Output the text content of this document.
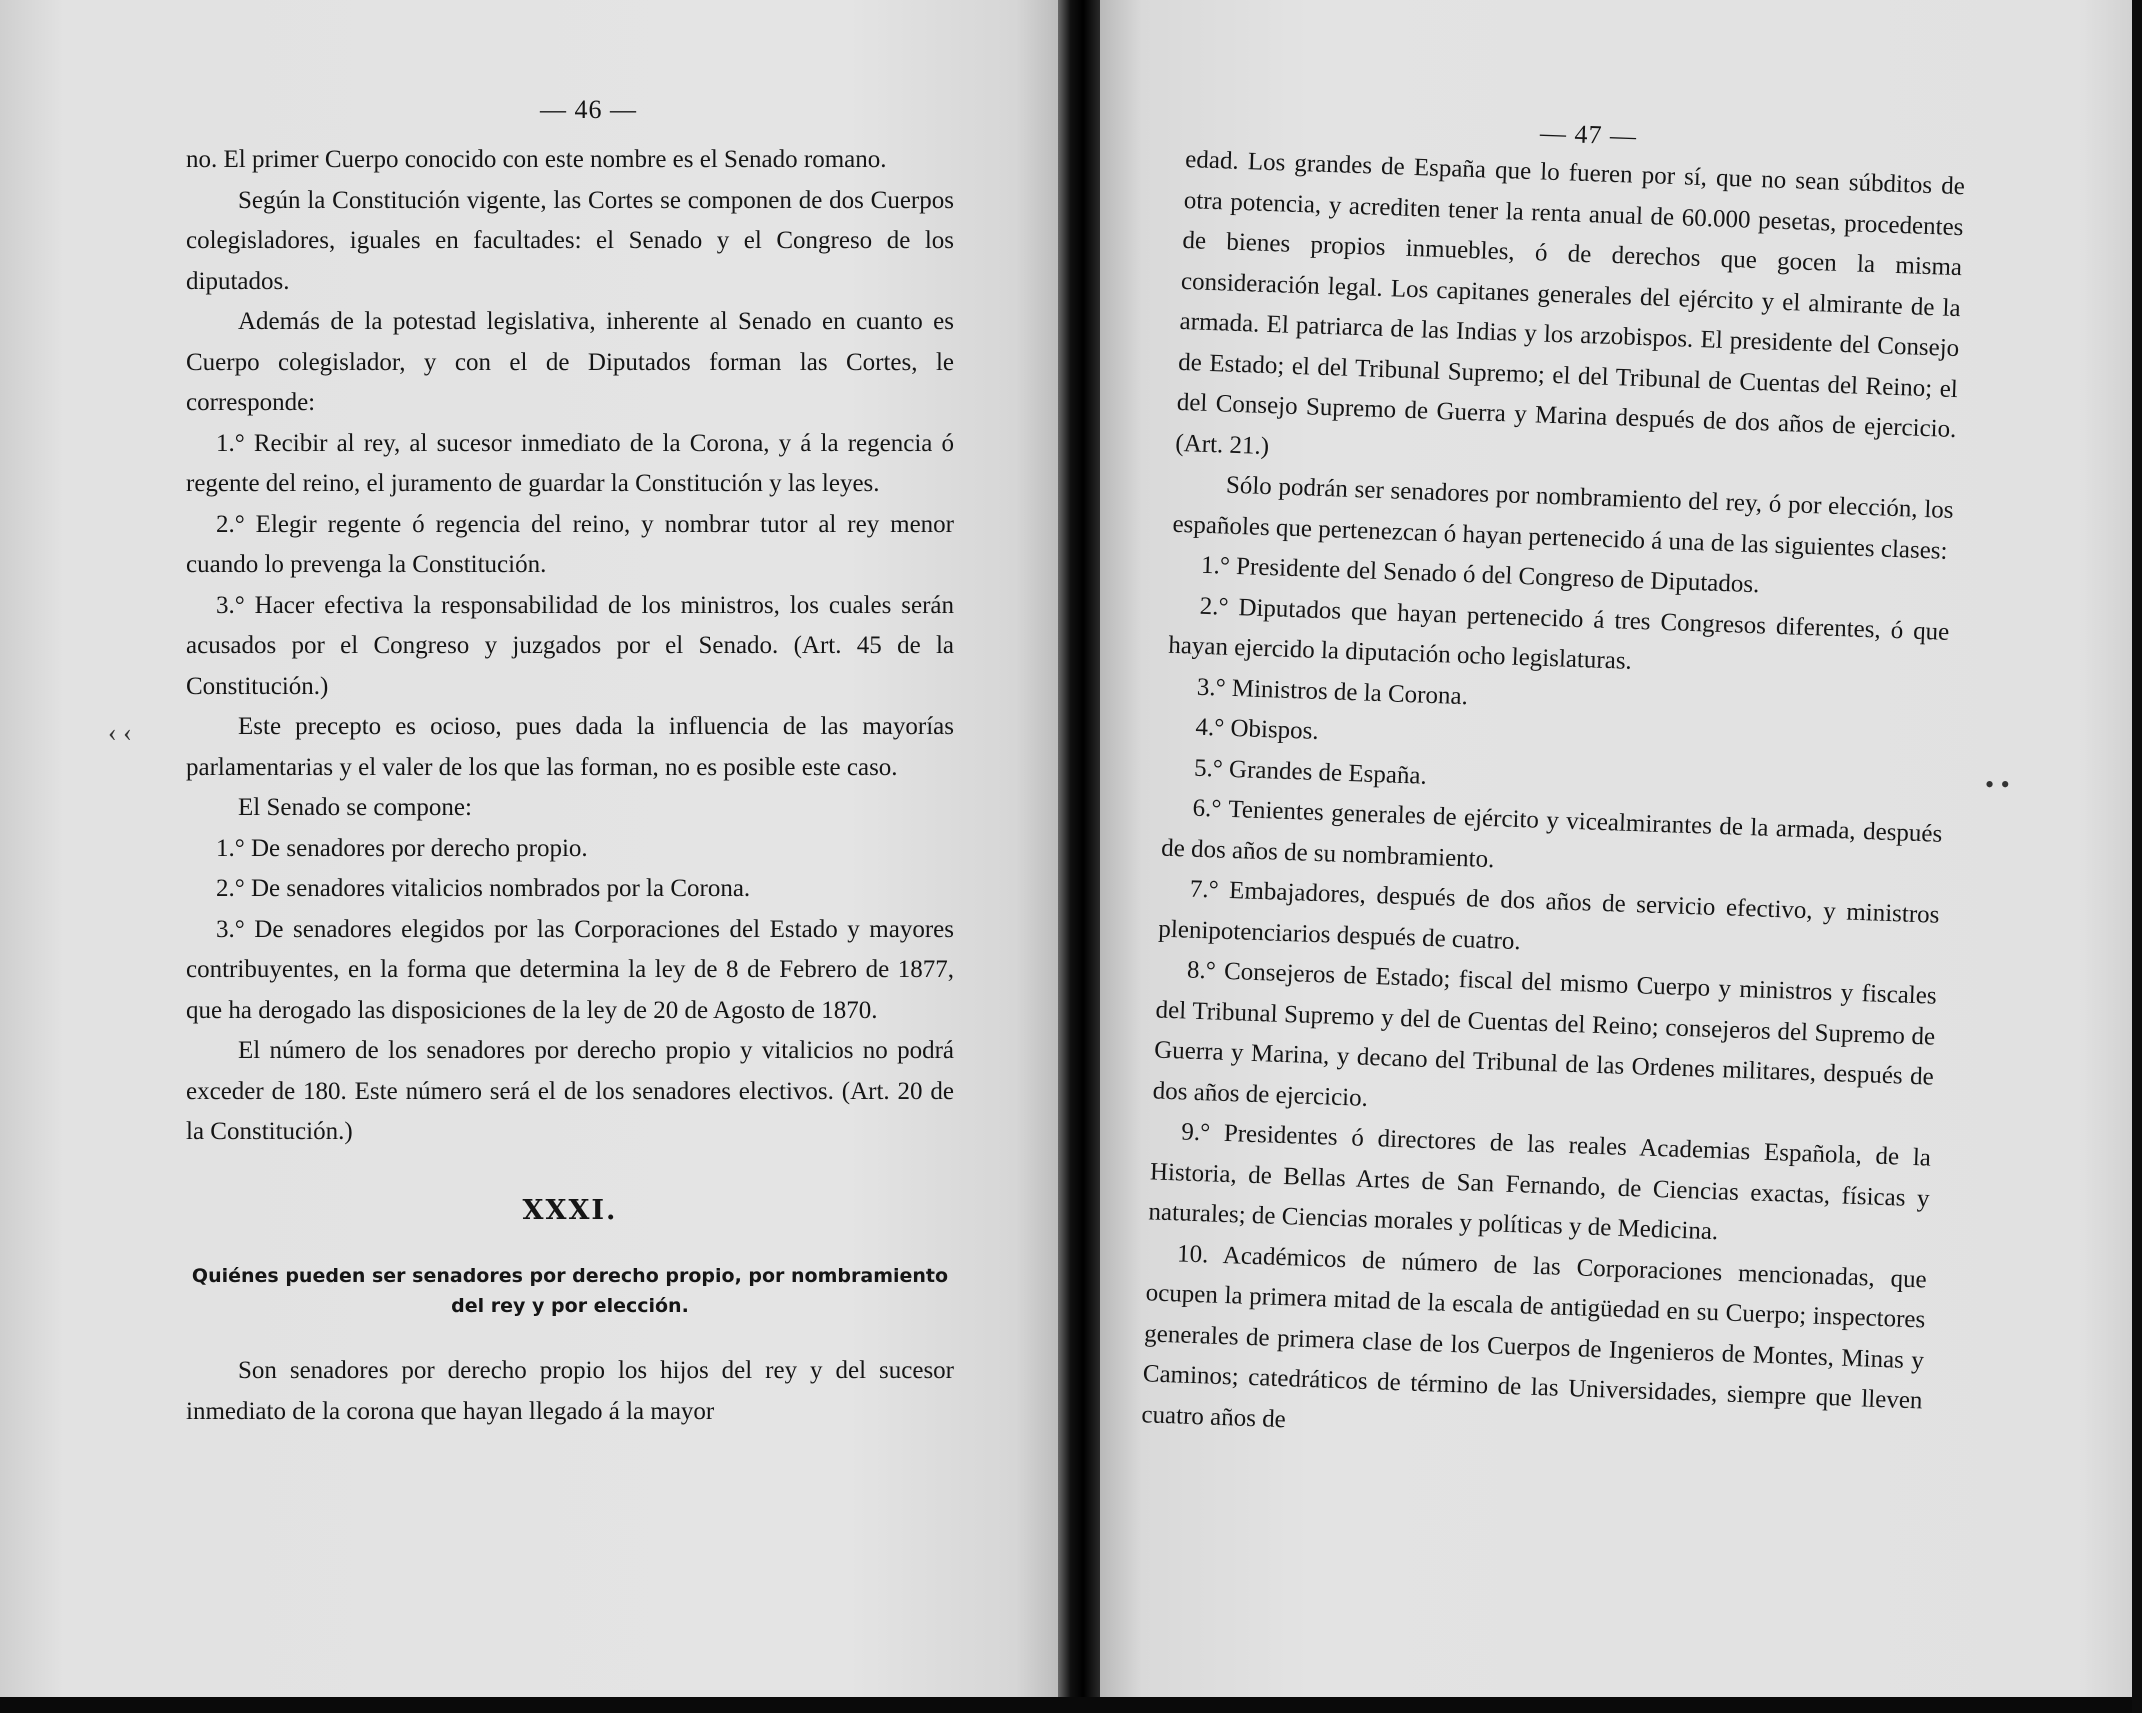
— 46 —

no. El primer Cuerpo conocido con este nombre es el Senado romano.

Según la Constitución vigente, las Cortes se componen de dos Cuerpos colegisladores, iguales en facultades: el Senado y el Congreso de los diputados.

Además de la potestad legislativa, inherente al Senado en cuanto es Cuerpo colegislador, y con el de Diputados forman las Cortes, le corresponde:

1.° Recibir al rey, al sucesor inmediato de la Corona, y á la regencia ó regente del reino, el juramento de guardar la Constitución y las leyes.

2.° Elegir regente ó regencia del reino, y nombrar tutor al rey menor cuando lo prevenga la Constitución.

3.° Hacer efectiva la responsabilidad de los ministros, los cuales serán acusados por el Congreso y juzgados por el Senado. (Art. 45 de la Constitución.)

Este precepto es ocioso, pues dada la influencia de las mayorías parlamentarias y el valer de los que las forman, no es posible este caso.

El Senado se compone:

1.° De senadores por derecho propio.

2.° De senadores vitalicios nombrados por la Corona.

3.° De senadores elegidos por las Corporaciones del Estado y mayores contribuyentes, en la forma que determina la ley de 8 de Febrero de 1877, que ha derogado las disposiciones de la ley de 20 de Agosto de 1870.

El número de los senadores por derecho propio y vitalicios no podrá exceder de 180. Este número será el de los senadores electivos. (Art. 20 de la Constitución.)

XXXI.
Quiénes pueden ser senadores por derecho propio, por nombramiento del rey y por elección.

Son senadores por derecho propio los hijos del rey y del sucesor inmediato de la corona que hayan llegado á la mayor

— 47 —

edad. Los grandes de España que lo fueren por sí, que no sean súbditos de otra potencia, y acrediten tener la renta anual de 60.000 pesetas, procedentes de bienes propios inmuebles, ó de derechos que gocen la misma consideración legal. Los capitanes generales del ejército y el almirante de la armada. El patriarca de las Indias y los arzobispos. El presidente del Consejo de Estado; el del Tribunal Supremo; el del Tribunal de Cuentas del Reino; el del Consejo Supremo de Guerra y Marina después de dos años de ejercicio. (Art. 21.)

Sólo podrán ser senadores por nombramiento del rey, ó por elección, los españoles que pertenezcan ó hayan pertenecido á una de las siguientes clases:

1.° Presidente del Senado ó del Congreso de Diputados.

2.° Diputados que hayan pertenecido á tres Congresos diferentes, ó que hayan ejercido la diputación ocho legislaturas.

3.° Ministros de la Corona.

4.° Obispos.

5.° Grandes de España.

6.° Tenientes generales de ejército y vicealmirantes de la armada, después de dos años de su nombramiento.

7.° Embajadores, después de dos años de servicio efectivo, y ministros plenipotenciarios después de cuatro.

8.° Consejeros de Estado; fiscal del mismo Cuerpo y ministros y fiscales del Tribunal Supremo y del de Cuentas del Reino; consejeros del Supremo de Guerra y Marina, y decano del Tribunal de las Ordenes militares, después de dos años de ejercicio.

9.° Presidentes ó directores de las reales Academias Española, de la Historia, de Bellas Artes de San Fernando, de Ciencias exactas, físicas y naturales; de Ciencias morales y políticas y de Medicina.

10. Académicos de número de las Corporaciones mencionadas, que ocupen la primera mitad de la escala de antigüedad en su Cuerpo; inspectores generales de primera clase de los Cuerpos de Ingenieros de Montes, Minas y Caminos; catedráticos de término de las Universidades, siempre que lleven cuatro años de

‹ ‹
• •
